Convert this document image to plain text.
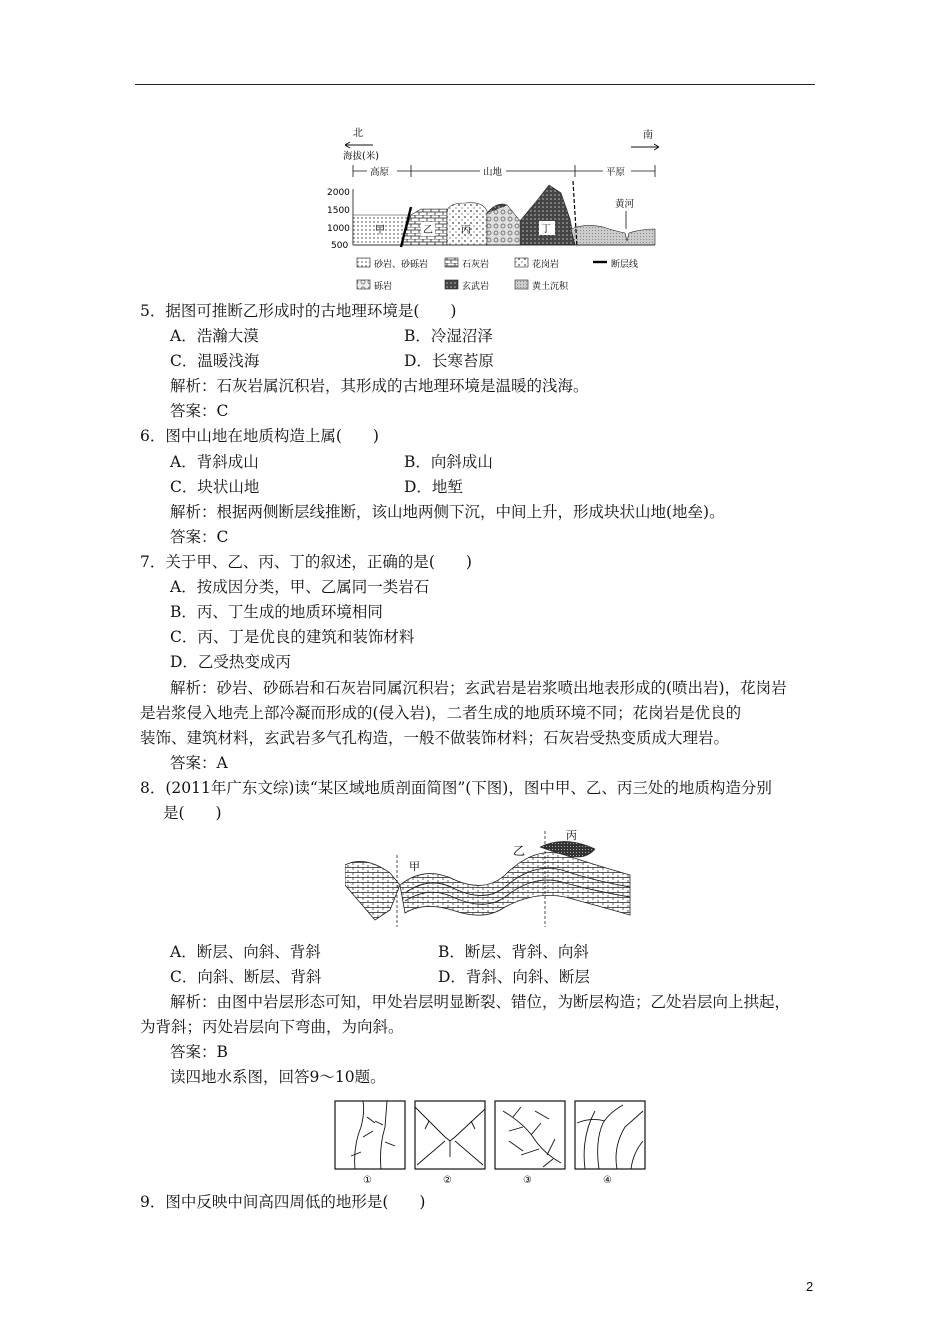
北
海拔(米)
南
高原	山地	平原
2000
1500
1000
500
甲	乙	丙	丁
黄河
砂岩、砂砾岩	石灰岩	花岗岩	断层线
砾岩	玄武岩	黄土沉积
5．据图可推断乙形成时的古地理环境是(　　)
A．浩瀚大漠	B．冷湿沼泽
C．温暖浅海	D．长寒苔原
解析：石灰岩属沉积岩，其形成的古地理环境是温暖的浅海。
答案：C
6．图中山地在地质构造上属(　　)
A．背斜成山	B．向斜成山
C．块状山地	D．地堑
解析：根据两侧断层线推断，该山地两侧下沉，中间上升，形成块状山地(地垒)。
答案：C
7．关于甲、乙、丙、丁的叙述，正确的是(　　)
A．按成因分类，甲、乙属同一类岩石
B．丙、丁生成的地质环境相同
C．丙、丁是优良的建筑和装饰材料
D．乙受热变成丙
解析：砂岩、砂砾岩和石灰岩同属沉积岩；玄武岩是岩浆喷出地表形成的(喷出岩)，花岗岩
是岩浆侵入地壳上部冷凝而形成的(侵入岩)，二者生成的地质环境不同；花岗岩是优良的
装饰、建筑材料，玄武岩多气孔构造，一般不做装饰材料；石灰岩受热变质成大理岩。
答案：A
8．(2011年广东文综)读“某区域地质剖面简图”(下图)，图中甲、乙、丙三处的地质构造分别
是(　　)
甲
乙
丙
A．断层、向斜、背斜	B．断层、背斜、向斜
C．向斜、断层、背斜	D．背斜、向斜、断层
解析：由图中岩层形态可知，甲处岩层明显断裂、错位，为断层构造；乙处岩层向上拱起，
为背斜；丙处岩层向下弯曲，为向斜。
答案：B
读四地水系图，回答9～10题。
①	②	③	④
9．图中反映中间高四周低的地形是(　　)
2
